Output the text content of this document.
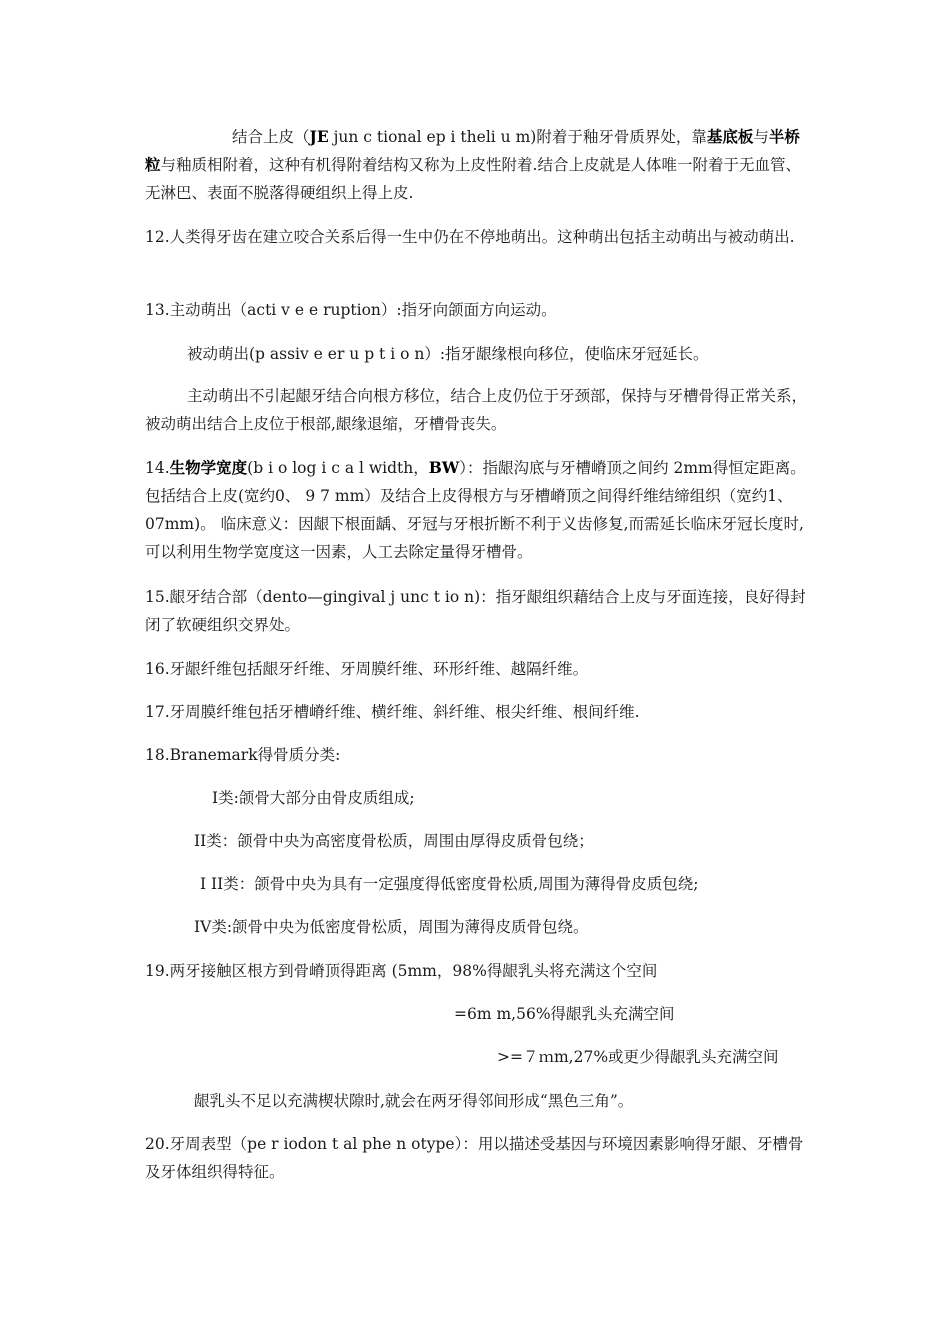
结合上皮（JE jun c tional ep i theli u m)附着于釉牙骨质界处，靠基底板与半桥粒与釉质相附着，这种有机得附着结构又称为上皮性附着.结合上皮就是人体唯一附着于无血管、无淋巴、表面不脱落得硬组织上得上皮.

12.人类得牙齿在建立咬合关系后得一生中仍在不停地萌出。这种萌出包括主动萌出与被动萌出.

13.主动萌出（acti v e e ruption）:指牙向颌面方向运动。

被动萌出(p assiv e er u p t i o n）:指牙龈缘根向移位，使临床牙冠延长。

主动萌出不引起龈牙结合向根方移位，结合上皮仍位于牙颈部，保持与牙槽骨得正常关系，被动萌出结合上皮位于根部,龈缘退缩，牙槽骨丧失。

14.生物学宽度(b i o log i c a l width，BW）：指龈沟底与牙槽嵴顶之间约 2mm得恒定距离。包括结合上皮(宽约0、 9 7 mm）及结合上皮得根方与牙槽嵴顶之间得纤维结缔组织（宽约1、07mm)。 临床意义：因龈下根面龋、牙冠与牙根折断不利于义齿修复,而需延长临床牙冠长度时,可以利用生物学宽度这一因素，人工去除定量得牙槽骨。

15.龈牙结合部（dento—gingival j unc t io n)：指牙龈组织藉结合上皮与牙面连接，良好得封闭了软硬组织交界处。

16.牙龈纤维包括龈牙纤维、牙周膜纤维、环形纤维、越隔纤维。

17.牙周膜纤维包括牙槽嵴纤维、横纤维、斜纤维、根尖纤维、根间纤维.

18.Branemark得骨质分类:

I类:颌骨大部分由骨皮质组成;

II类：颌骨中央为高密度骨松质，周围由厚得皮质骨包绕；

I II类：颌骨中央为具有一定强度得低密度骨松质,周围为薄得骨皮质包绕;

IV类:颌骨中央为低密度骨松质，周围为薄得皮质骨包绕。

19.两牙接触区根方到骨嵴顶得距离 (5mm，98%得龈乳头将充满这个空间

=6m m,56%得龈乳头充满空间

>=７ｍm,27%或更少得龈乳头充满空间

龈乳头不足以充满楔状隙时,就会在两牙得邻间形成“黑色三角”。

20.牙周表型（pe r iodon t al phe n otype）：用以描述受基因与环境因素影响得牙龈、牙槽骨及牙体组织得特征。
